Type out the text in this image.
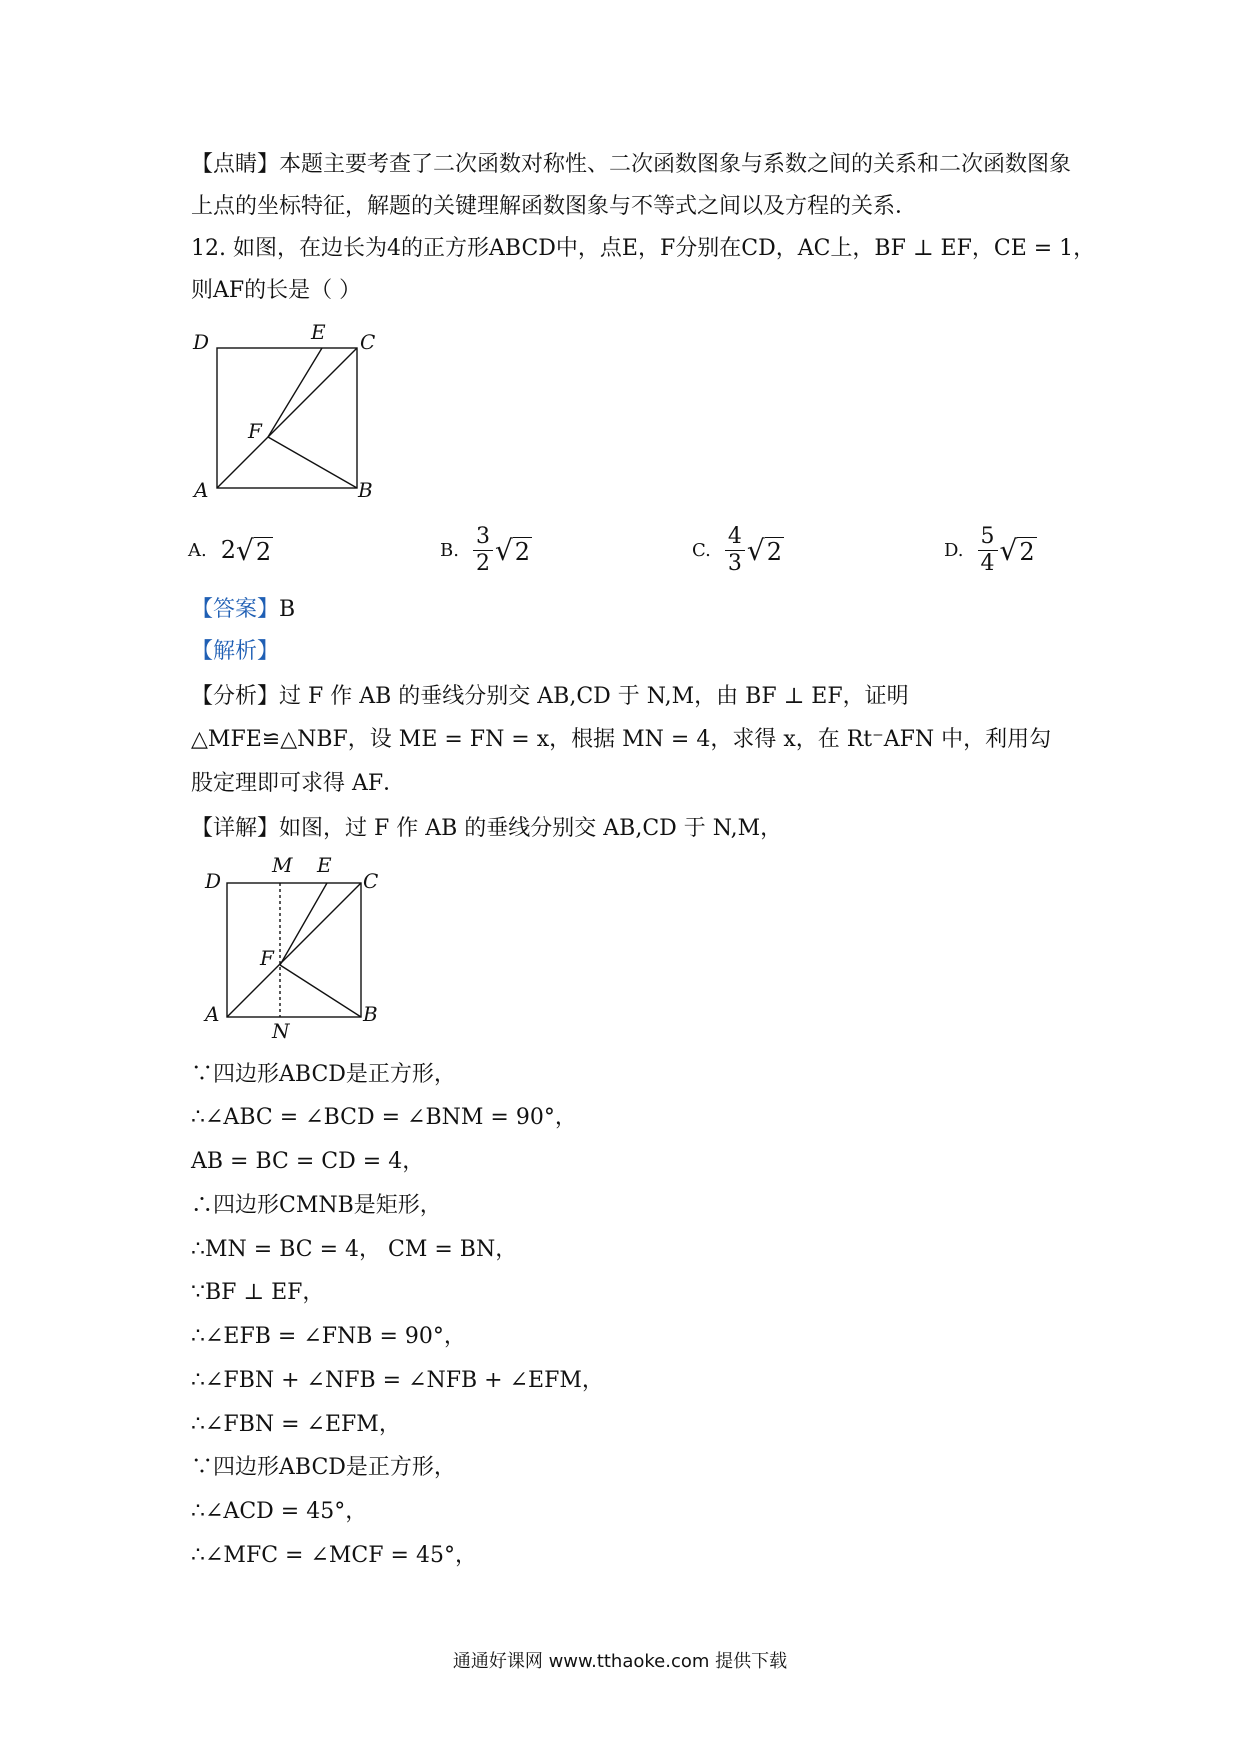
【点睛】本题主要考查了二次函数对称性、二次函数图象与系数之间的关系和二次函数图象
上点的坐标特征，解题的关键理解函数图象与不等式之间以及方程的关系．
12. 如图，在边长为4的正方形ABCD中，点E，F分别在CD，AC上，BF ⊥ EF，CE = 1，
则AF的长是（ ）
D	E C
F
A	B
A. 2 √2	B. $\frac{3}{2} √2$	C. $\frac{4}{3} √2$	D. $\frac{5}{4} √2$
【答案】B
【解析】
【分析】过 F 作 AB 的垂线分别交 AB,CD 于 N,M，由 BF ⊥ EF，证明
△MFE≌△NBF，设 ME = FN = x，根据 MN = 4，求得 x，在 Rt⁻AFN 中，利用勾
股定理即可求得 AF．
【详解】如图，过 F 作 AB 的垂线分别交 AB,CD 于 N,M，
M E
D	C
F
A	B
N
∵四边形ABCD是正方形，
∴∠ABC = ∠BCD = ∠BNM = 90°，
AB = BC = CD = 4，
∴四边形CMNB是矩形，
∴MN = BC = 4， CM = BN，
∵BF ⊥ EF，
∴∠EFB = ∠FNB = 90°，
∴∠FBN + ∠NFB = ∠NFB + ∠EFM，
∴∠FBN = ∠EFM，
∵四边形ABCD是正方形，
∴∠ACD = 45°，
∴∠MFC = ∠MCF = 45°，
通通好课网 www.tthaoke.com 提供下载
